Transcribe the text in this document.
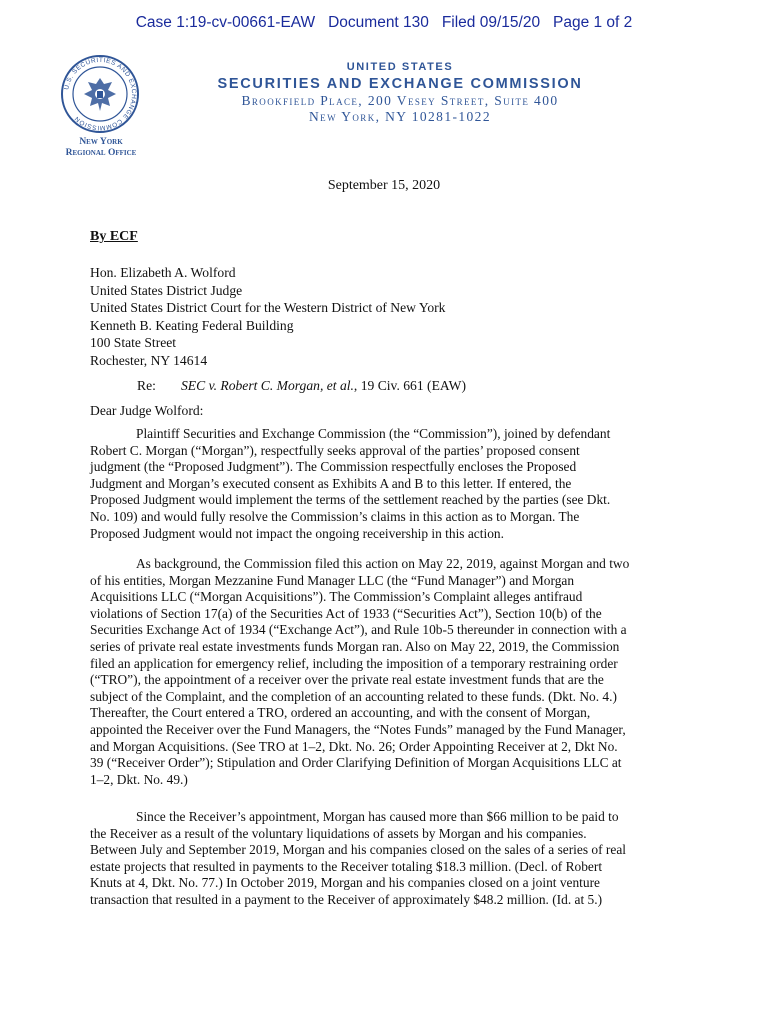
Case 1:19-cv-00661-EAW   Document 130   Filed 09/15/20   Page 1 of 2
U.S. SECURITIES AND EXCHANGE COMMISSION
New York
Regional Office
UNITED STATES
SECURITIES AND EXCHANGE COMMISSION
Brookfield Place, 200 Vesey Street, Suite 400
New York, NY 10281-1022
September 15, 2020
By ECF
Hon. Elizabeth A. Wolford
United States District Judge
United States District Court for the Western District of New York
Kenneth B. Keating Federal Building
100 State Street
Rochester, NY 14614
Re: SEC v. Robert C. Morgan, et al., 19 Civ. 661 (EAW)
Dear Judge Wolford:
Plaintiff Securities and Exchange Commission (the “Commission”), joined by defendant
Robert C. Morgan (“Morgan”), respectfully seeks approval of the parties’ proposed consent
judgment (the “Proposed Judgment”). The Commission respectfully encloses the Proposed
Judgment and Morgan’s executed consent as Exhibits A and B to this letter. If entered, the
Proposed Judgment would implement the terms of the settlement reached by the parties (see Dkt.
No. 109) and would fully resolve the Commission’s claims in this action as to Morgan. The
Proposed Judgment would not impact the ongoing receivership in this action.
As background, the Commission filed this action on May 22, 2019, against Morgan and two
of his entities, Morgan Mezzanine Fund Manager LLC (the “Fund Manager”) and Morgan
Acquisitions LLC (“Morgan Acquisitions”). The Commission’s Complaint alleges antifraud
violations of Section 17(a) of the Securities Act of 1933 (“Securities Act”), Section 10(b) of the
Securities Exchange Act of 1934 (“Exchange Act”), and Rule 10b-5 thereunder in connection with a
series of private real estate investments funds Morgan ran. Also on May 22, 2019, the Commission
filed an application for emergency relief, including the imposition of a temporary restraining order
(“TRO”), the appointment of a receiver over the private real estate investment funds that are the
subject of the Complaint, and the completion of an accounting related to these funds. (Dkt. No. 4.)
Thereafter, the Court entered a TRO, ordered an accounting, and with the consent of Morgan,
appointed the Receiver over the Fund Managers, the “Notes Funds” managed by the Fund Manager,
and Morgan Acquisitions. (See TRO at 1–2, Dkt. No. 26; Order Appointing Receiver at 2, Dkt No.
39 (“Receiver Order”); Stipulation and Order Clarifying Definition of Morgan Acquisitions LLC at
1–2, Dkt. No. 49.)
Since the Receiver’s appointment, Morgan has caused more than $66 million to be paid to
the Receiver as a result of the voluntary liquidations of assets by Morgan and his companies.
Between July and September 2019, Morgan and his companies closed on the sales of a series of real
estate projects that resulted in payments to the Receiver totaling $18.3 million. (Decl. of Robert
Knuts at 4, Dkt. No. 77.) In October 2019, Morgan and his companies closed on a joint venture
transaction that resulted in a payment to the Receiver of approximately $48.2 million. (Id. at 5.)
